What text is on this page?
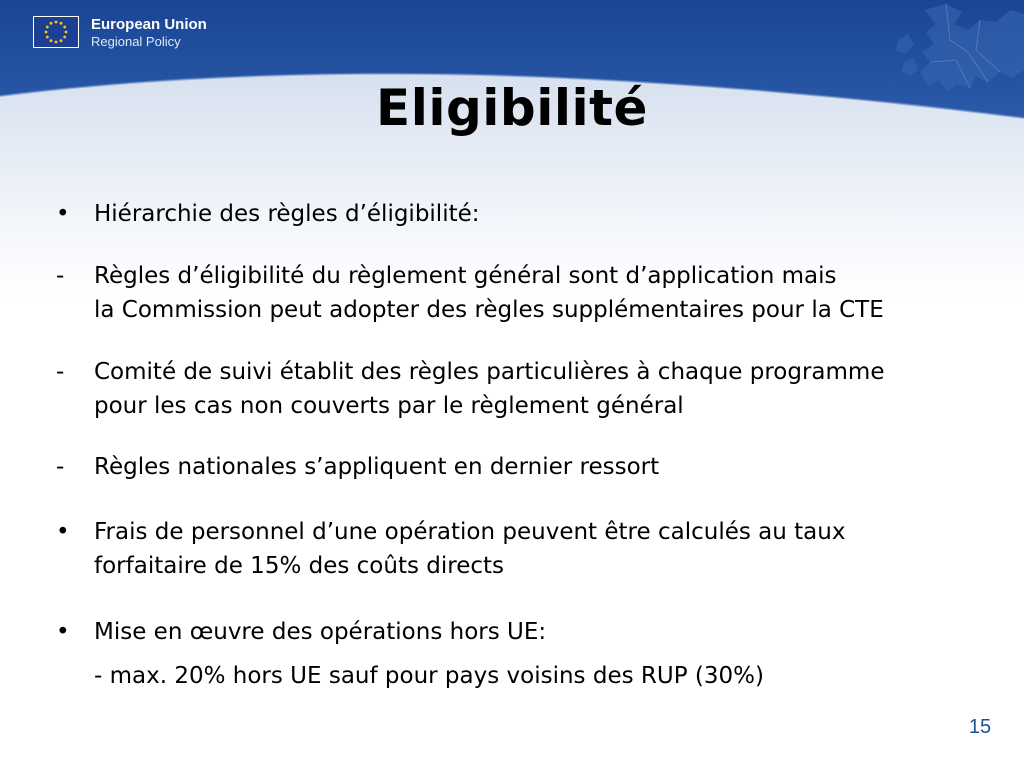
European Union
Regional Policy
Eligibilité
•	Hiérarchie des règles d’éligibilité:
-	Règles d’éligibilité du règlement général sont d’application mais
la Commission peut adopter des règles supplémentaires pour la CTE
-	Comité de suivi établit des règles particulières à chaque programme
pour les cas non couverts par le règlement général
-	Règles nationales s’appliquent en dernier ressort
•	Frais de personnel d’une opération peuvent être calculés au taux
forfaitaire de 15% des coûts directs
•	Mise en œuvre des opérations hors UE:
- max. 20% hors UE sauf pour pays voisins des RUP (30%)
15
